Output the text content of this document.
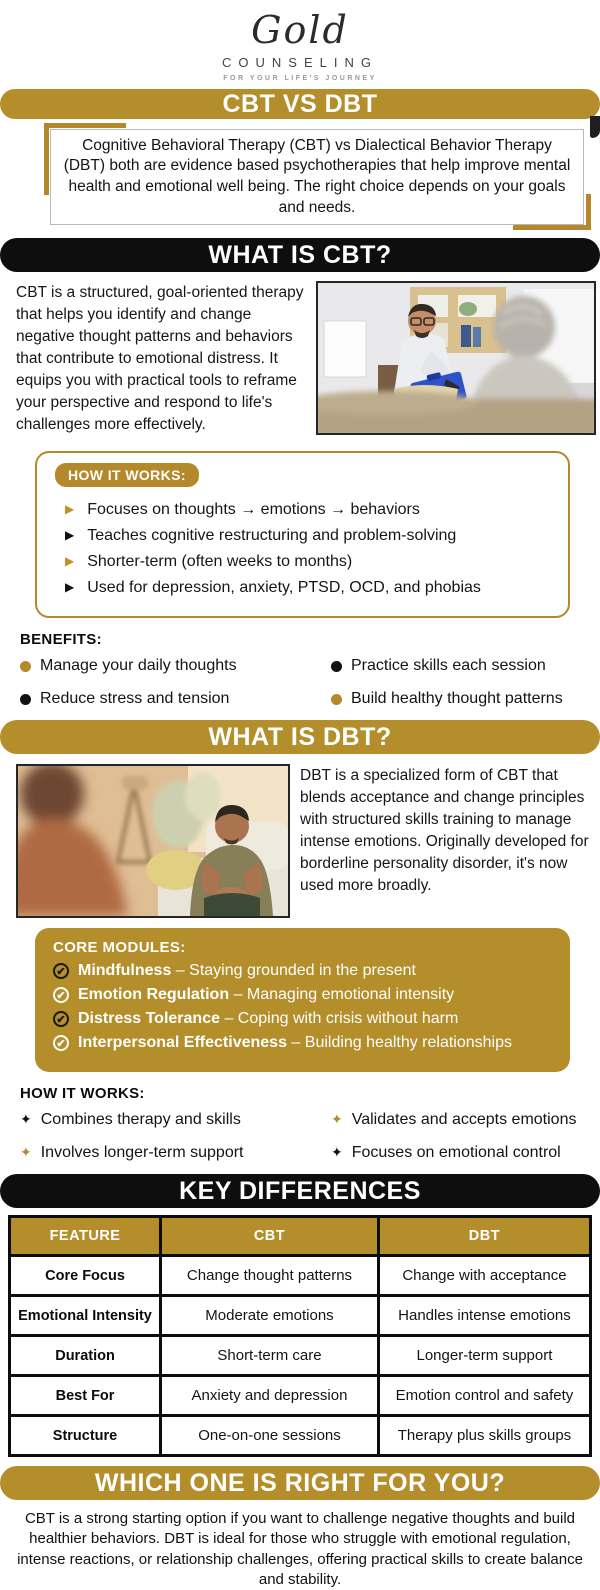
Gold
COUNSELING
FOR YOUR LIFE'S JOURNEY
CBT VS DBT
Cognitive Behavioral Therapy (CBT) vs Dialectical Behavior Therapy (DBT) both are evidence based psychotherapies that help improve mental health and emotional well being. The right choice depends on your goals and needs.
WHAT IS CBT?

CBT is a structured, goal-oriented therapy that helps you identify and change negative thought patterns and behaviors that contribute to emotional distress. It equips you with practical tools to reframe your perspective and respond to life's challenges more effectively.

HOW IT WORKS:
▶ Focuses on thoughts → emotions → behaviors
▶ Teaches cognitive restructuring and problem-solving
▶ Shorter-term (often weeks to months)
▶ Used for depression, anxiety, PTSD, OCD, and phobias
BENEFITS:
Manage your daily thoughts	Practice skills each session
Reduce stress and tension	Build healthy thought patterns
WHAT IS DBT?

DBT is a specialized form of CBT that blends acceptance and change principles with structured skills training to manage intense emotions. Originally developed for borderline personality disorder, it's now used more broadly.

CORE MODULES:
✔ Mindfulness – Staying grounded in the present
✔ Emotion Regulation – Managing emotional intensity
✔ Distress Tolerance – Coping with crisis without harm
✔ Interpersonal Effectiveness – Building healthy relationships
HOW IT WORKS:
✦ Combines therapy and skills	✦ Validates and accepts emotions
✦ Involves longer-term support	✦ Focuses on emotional control
KEY DIFFERENCES
FEATURE	CBT	DBT
Core Focus	Change thought patterns	Change with acceptance
Emotional Intensity	Moderate emotions	Handles intense emotions
Duration	Short-term care	Longer-term support
Best For	Anxiety and depression	Emotion control and safety
Structure	One-on-one sessions	Therapy plus skills groups
WHICH ONE IS RIGHT FOR YOU?

CBT is a strong starting option if you want to challenge negative thoughts and build healthier behaviors. DBT is ideal for those who struggle with emotional regulation, intense reactions, or relationship challenges, offering practical skills to create balance and stability.
